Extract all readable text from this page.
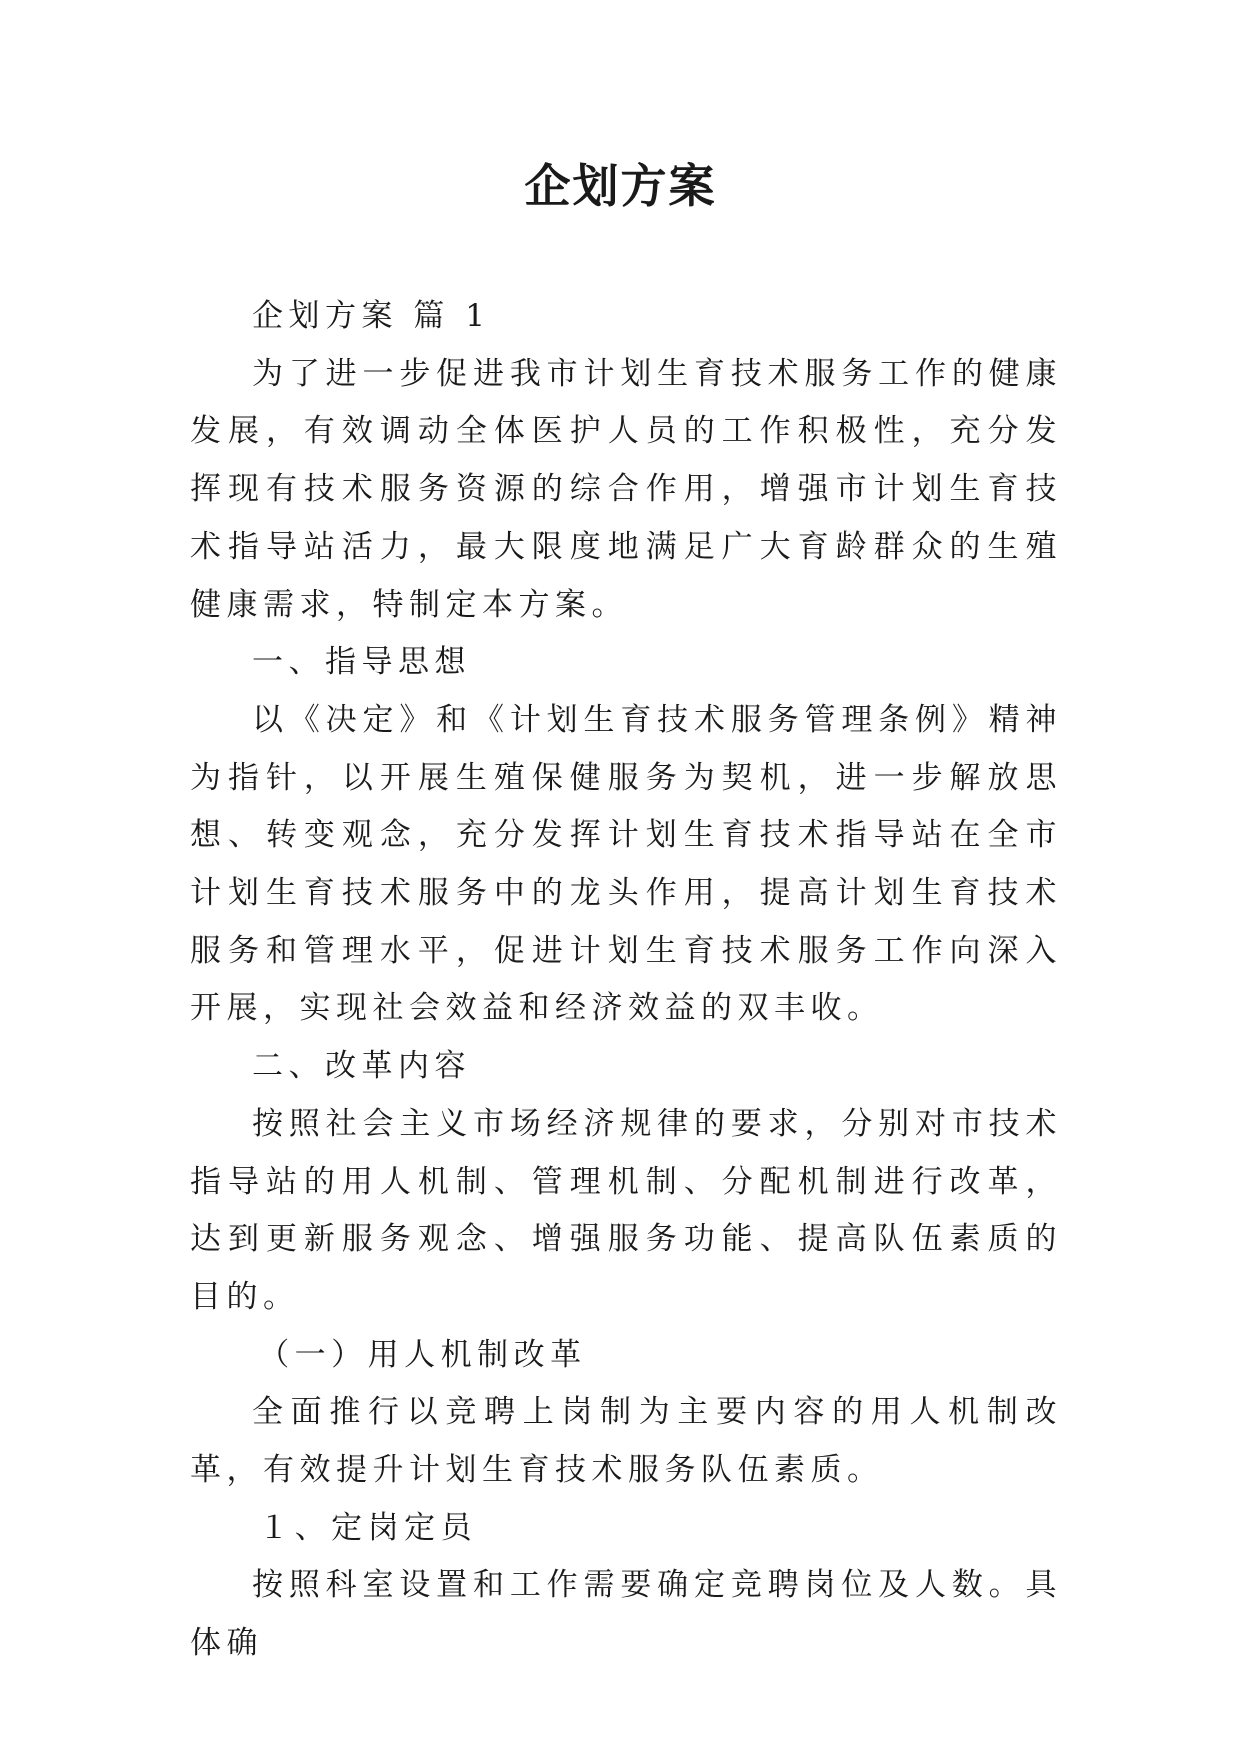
企划方案

企划方案 篇 1

为了进一步促进我市计划生育技术服务工作的健康发展，有效调动全体医护人员的工作积极性，充分发挥现有技术服务资源的综合作用，增强市计划生育技术指导站活力，最大限度地满足广大育龄群众的生殖健康需求，特制定本方案。

一、指导思想

以《决定》和《计划生育技术服务管理条例》精神为指针，以开展生殖保健服务为契机，进一步解放思想、转变观念，充分发挥计划生育技术指导站在全市计划生育技术服务中的龙头作用，提高计划生育技术服务和管理水平，促进计划生育技术服务工作向深入开展，实现社会效益和经济效益的双丰收。

二、改革内容

按照社会主义市场经济规律的要求，分别对市技术指导站的用人机制、管理机制、分配机制进行改革，达到更新服务观念、增强服务功能、提高队伍素质的目的。

（一）用人机制改革

全面推行以竞聘上岗制为主要内容的用人机制改革，有效提升计划生育技术服务队伍素质。

１、定岗定员

按照科室设置和工作需要确定竞聘岗位及人数。具体确
